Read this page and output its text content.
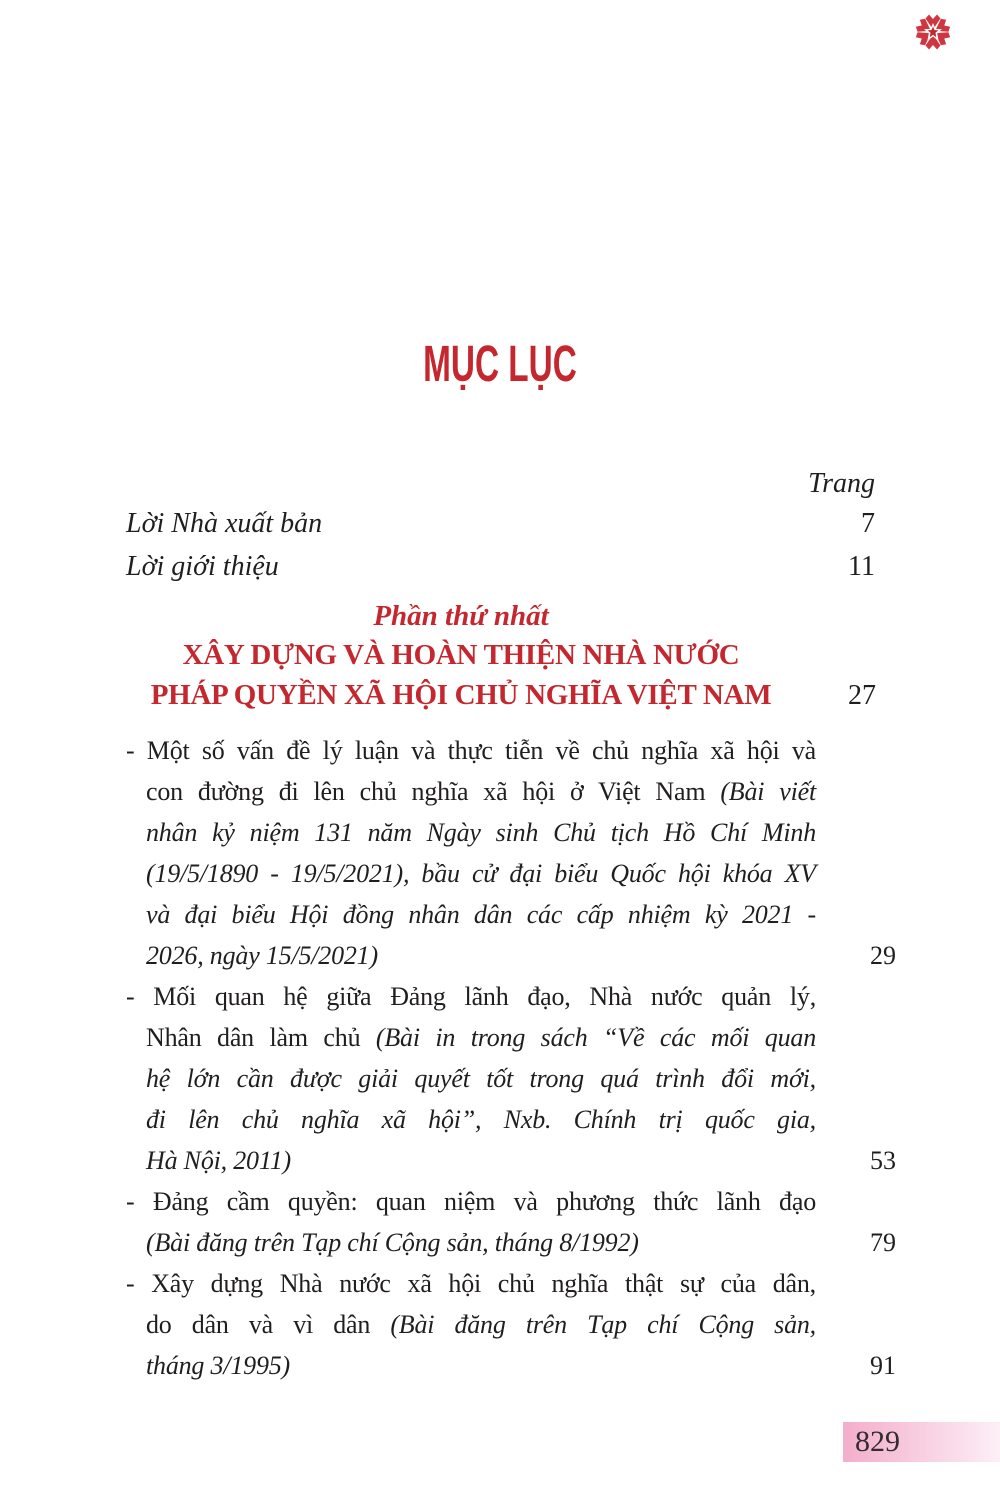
MỤC LỤC
Trang
Lời Nhà xuất bản	7
Lời giới thiệu	11
Phần thứ nhất
XÂY DỰNG VÀ HOÀN THIỆN NHÀ NƯỚC
PHÁP QUYỀN XÃ HỘI CHỦ NGHĨA VIỆT NAM	27
- Một số vấn đề lý luận và thực tiễn về chủ nghĩa xã hội và
con đường đi lên chủ nghĩa xã hội ở Việt Nam (Bài viết
nhân kỷ niệm 131 năm Ngày sinh Chủ tịch Hồ Chí Minh
(19/5/1890 - 19/5/2021), bầu cử đại biểu Quốc hội khóa XV
và đại biểu Hội đồng nhân dân các cấp nhiệm kỳ 2021 -
2026, ngày 15/5/2021)	29
- Mối quan hệ giữa Đảng lãnh đạo, Nhà nước quản lý,
Nhân dân làm chủ (Bài in trong sách “Về các mối quan
hệ lớn cần được giải quyết tốt trong quá trình đổi mới,
đi lên chủ nghĩa xã hội”, Nxb. Chính trị quốc gia,
Hà Nội, 2011)	53
- Đảng cầm quyền: quan niệm và phương thức lãnh đạo
(Bài đăng trên Tạp chí Cộng sản, tháng 8/1992)	79
- Xây dựng Nhà nước xã hội chủ nghĩa thật sự của dân,
do dân và vì dân (Bài đăng trên Tạp chí Cộng sản,
tháng 3/1995)	91
829
